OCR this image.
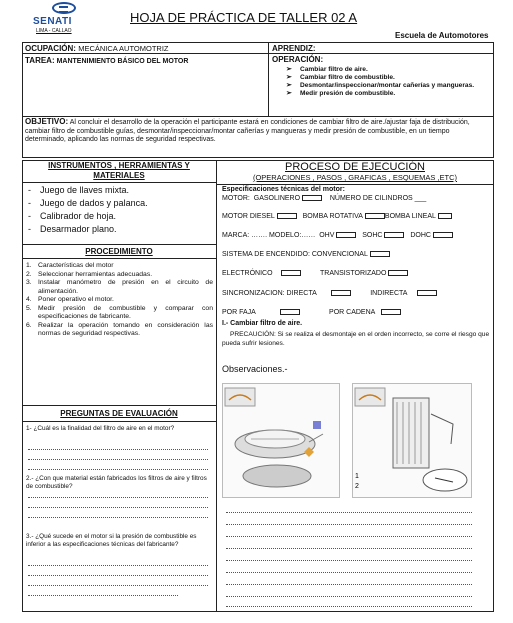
SENATI
LIMA - CALLAO
HOJA DE PRÁCTICA DE TALLER 02 A
Escuela de Automotores
OCUPACIÓN: MECÁNICA AUTOMOTRIZ	APRENDIZ:
TAREA: MANTENIMIENTO BÁSICO DEL MOTOR	OPERACIÓN:
➢ Cambiar filtro de aire.
➢ Cambiar filtro de combustible.
➢ Desmontar/inspeccionar/montar cañerías y mangueras.
➢ Medir presión de combustible.
OBJETIVO: Al concluir el desarrollo de la operación el participante estará en condiciones de cambiar filtro de aire./ajustar faja de distribución, cambiar filtro de combustible guías, desmontar/inspeccionar/montar cañerías y mangueras y medir presión de combustible, en un tiempo determinado, aplicando las normas de seguridad respectivas.
INSTRUMENTOS , HERRAMIENTAS Y
MATERIALES
- Juego de llaves mixta.
- Juego de dados y palanca.
- Calibrador de hoja.
- Desarmador plano.
PROCEDIMIENTO
1. Características del motor
2. Seleccionar herramientas adecuadas.
3. Instalar manómetro de presión en el circuito de alimentación.
4. Poner operativo el motor.
5. Medir presión de combustible y comparar con especificaciones de fabricante.
6. Realizar la operación tomando en consideración las normas de seguridad respectivas.
PREGUNTAS DE EVALUACIÓN
1- ¿Cuál es la finalidad del filtro de aire en el motor?
2.- ¿Con que material están fabricados los filtros de aire y filtros de combustible?
3.- ¿Qué sucede en el motor si la presión de combustible es inferior a las especificaciones técnicas del fabricante?
PROCESO DE EJECUCIÓN
(OPERACIONES , PASOS , GRAFICAS , ESQUEMAS ,ETC)
Especificaciones técnicas del motor:
MOTOR: GASOLINERO	NÚMERO DE CILINDROS ___
MOTOR DIESEL	BOMBA ROTATIVA	BOMBA LINEAL
MARCA: ……. MODELO:…… OHV	SOHC	DOHC
SISTEMA DE ENCENDIDO: CONVENCIONAL
ELECTRÓNICO	TRANSISTORIZADO
SINCRONIZACION: DIRECTA	INDIRECTA
POR FAJA	POR CADENA
I.- Cambiar filtro de aire.
PRECAUCIÓN: Si se realiza el desmontaje en el orden incorrecto, se corre el riesgo que pueda sufrir lesiones.
Observaciones.-
1
2
